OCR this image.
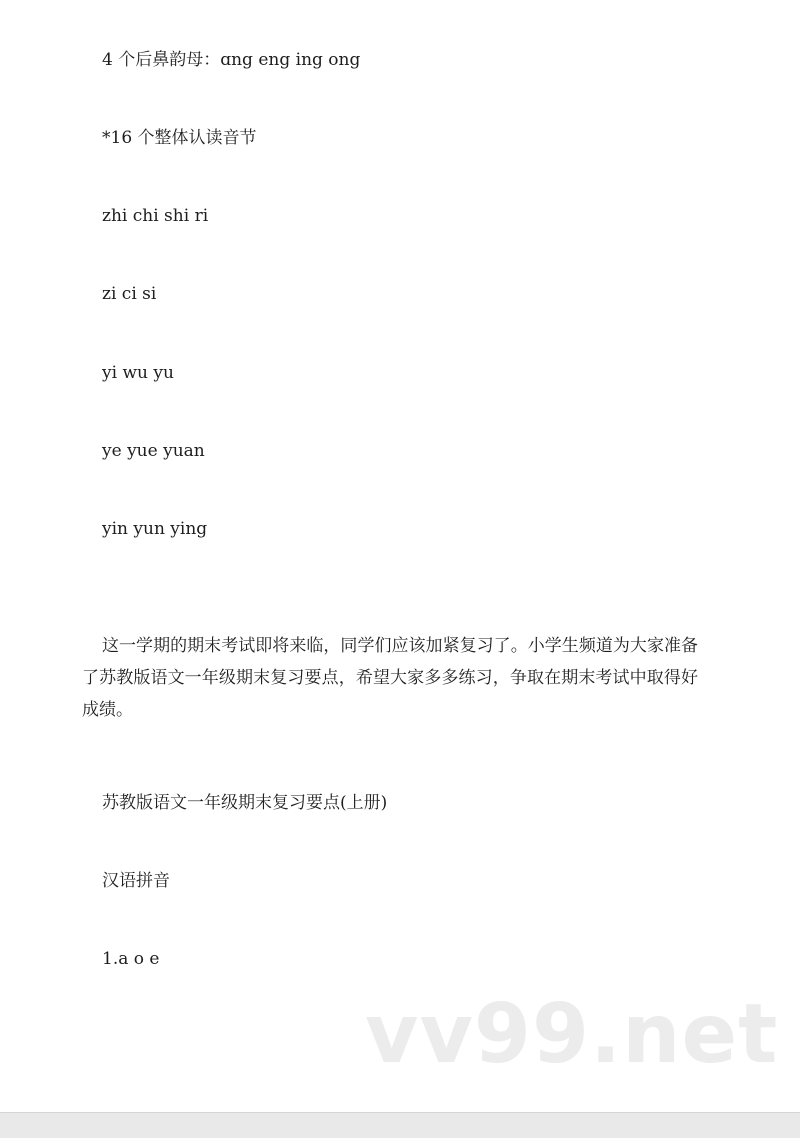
4 个后鼻韵母：ɑng eng ing ong

*16 个整体认读音节

zhi chi shi ri

zi ci si

yi wu yu

ye yue yuan

yin yun ying

这一学期的期末考试即将来临，同学们应该加紧复习了。小学生频道为大家准备了苏教版语文一年级期末复习要点，希望大家多多练习，争取在期末考试中取得好成绩。

苏教版语文一年级期末复习要点(上册)

汉语拼音

1.a o e

vv99.net
